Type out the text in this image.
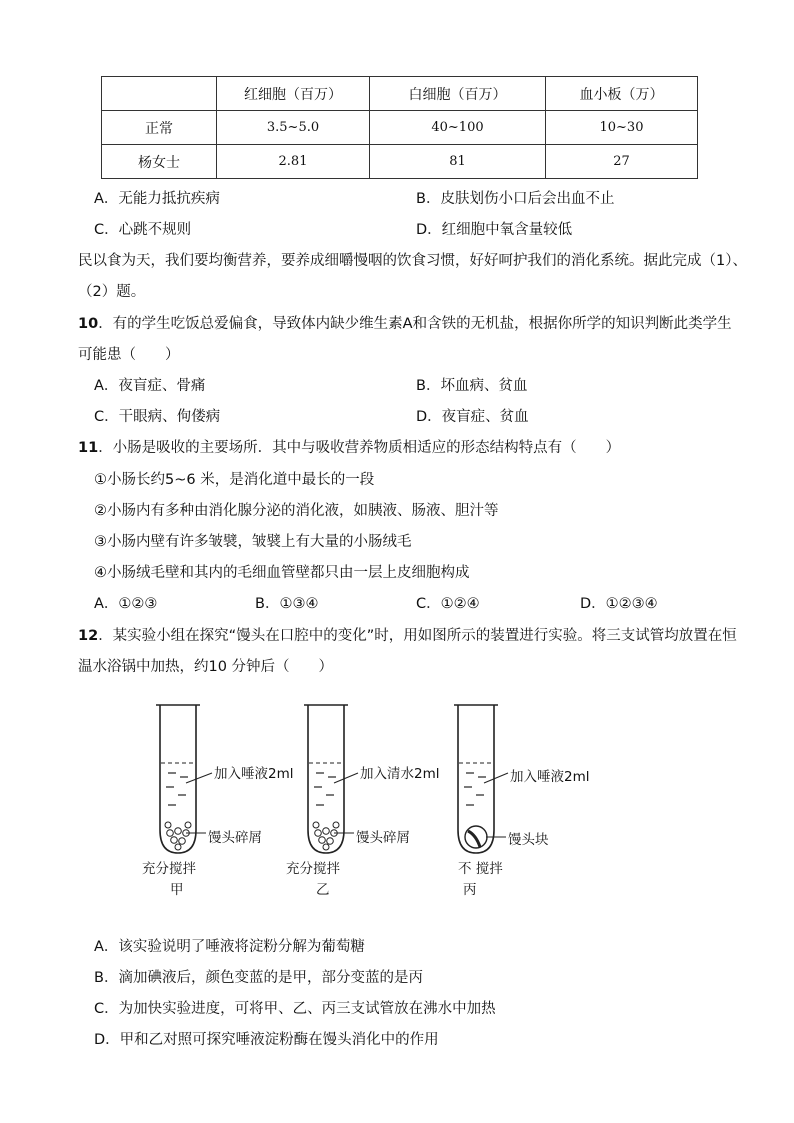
	红细胞（百万）	白细胞（百万）	血小板（万）
正常	3.5~5.0	40~100	10~30
杨女士	2.81	81	27
A．无能力抵抗疾病	B．皮肤划伤小口后会出血不止
C．心跳不规则	D．红细胞中氧含量较低
民以食为天，我们要均衡营养，要养成细嚼慢咽的饮食习惯，好好呵护我们的消化系统。据此完成（1）、
（2）题。
10．有的学生吃饭总爱偏食，导致体内缺少维生素A和含铁的无机盐，根据你所学的知识判断此类学生
可能患（　　）
A．夜盲症、骨痛	B．坏血病、贫血
C．干眼病、佝偻病	D．夜盲症、贫血
11．小肠是吸收的主要场所．其中与吸收营养物质相适应的形态结构特点有（　　）
①小肠长约5~6 米，是消化道中最长的一段
②小肠内有多种由消化腺分泌的消化液，如胰液、肠液、胆汁等
③小肠内壁有许多皱襞，皱襞上有大量的小肠绒毛
④小肠绒毛壁和其内的毛细血管壁都只由一层上皮细胞构成
A．①②③	B．①③④	C．①②④	D．①②③④
12．某实验小组在探究“馒头在口腔中的变化”时，用如图所示的装置进行实验。将三支试管均放置在恒
温水浴锅中加热，约10 分钟后（　　）
加入唾液2ml
馒头碎屑
充分搅拌
甲
加入清水2ml
馒头碎屑
充分搅拌
乙
加入唾液2ml
馒头块
不 搅拌
丙
A．该实验说明了唾液将淀粉分解为葡萄糖
B．滴加碘液后，颜色变蓝的是甲，部分变蓝的是丙
C．为加快实验进度，可将甲、乙、丙三支试管放在沸水中加热
D．甲和乙对照可探究唾液淀粉酶在馒头消化中的作用
